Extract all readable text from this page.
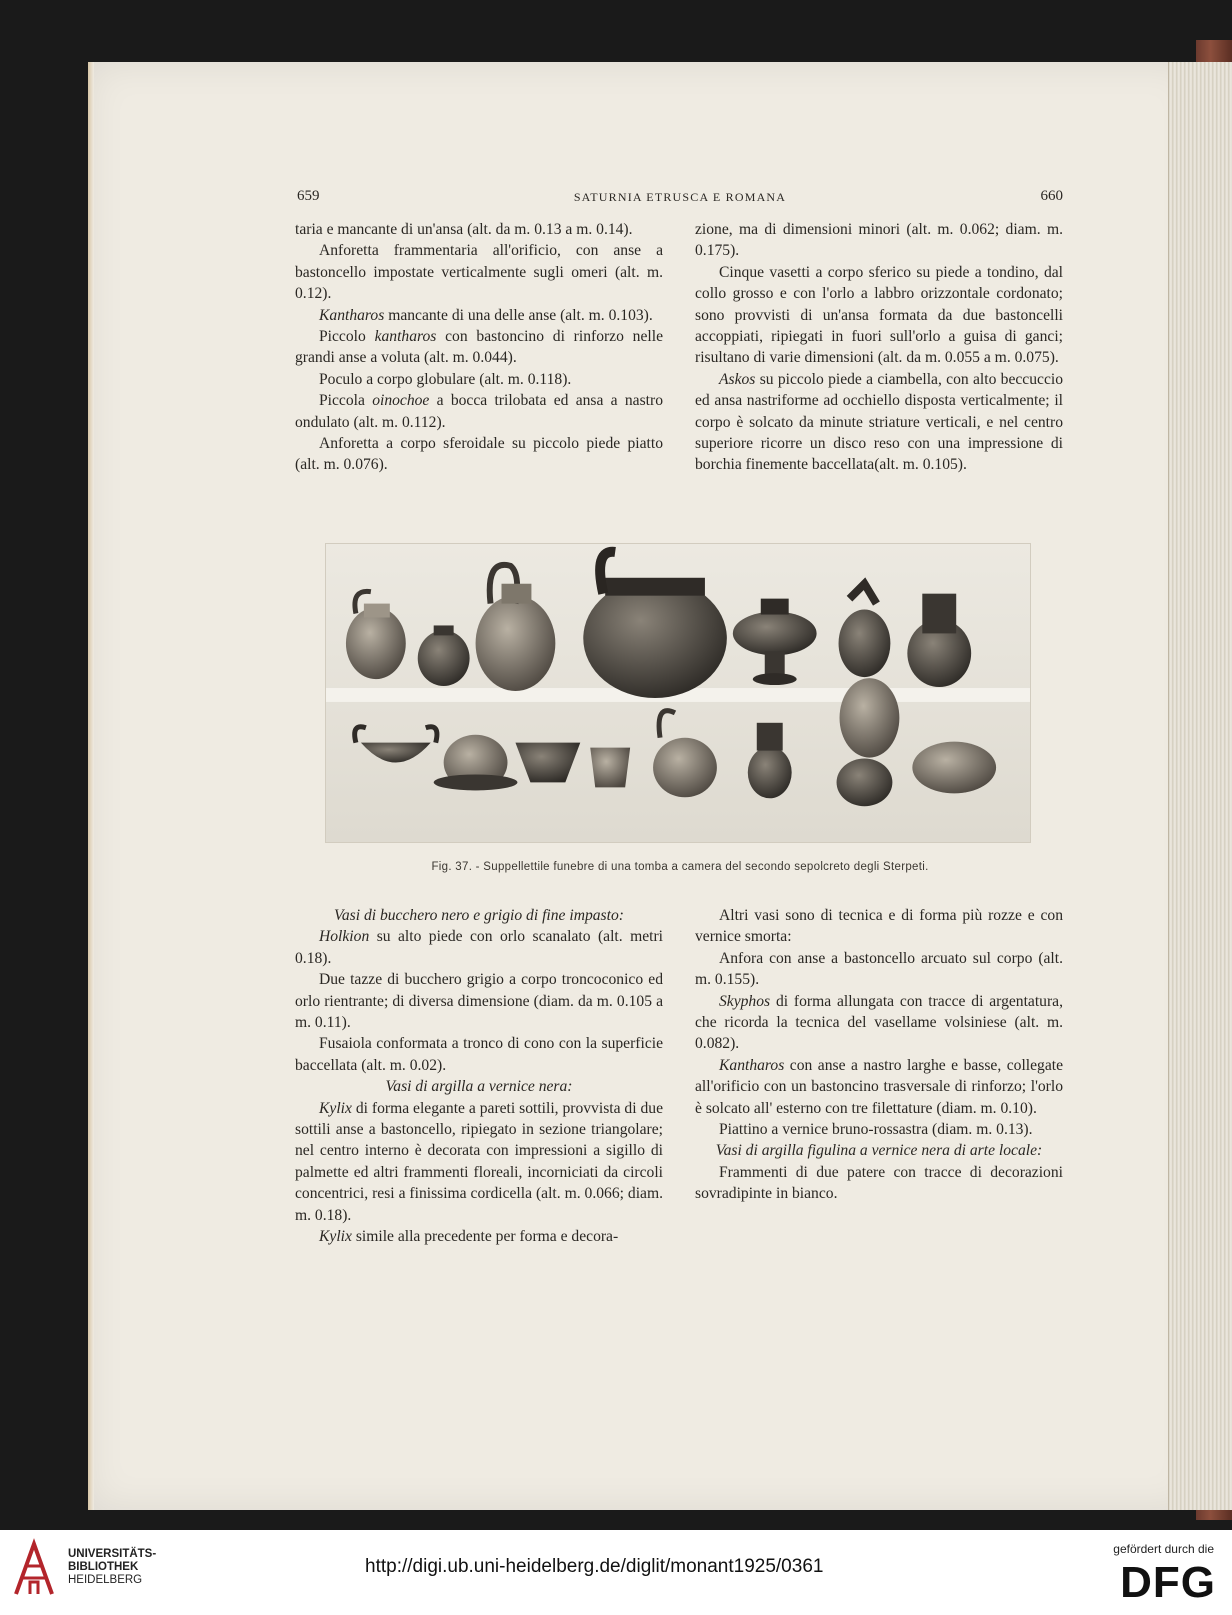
659	SATURNIA ETRUSCA E ROMANA	660

taria e mancante di un'ansa (alt. da m. 0.13 a m. 0.14).

Anforetta frammentaria all'orificio, con anse a bastoncello impostate verticalmente sugli omeri (alt. m. 0.12).

Kantharos mancante di una delle anse (alt. m. 0.103).

Piccolo kantharos con bastoncino di rinforzo nelle grandi anse a voluta (alt. m. 0.044).

Poculo a corpo globulare (alt. m. 0.118).

Piccola oinochoe a bocca trilobata ed ansa a nastro ondulato (alt. m. 0.112).

Anforetta a corpo sferoidale su piccolo piede piatto (alt. m. 0.076).

zione, ma di dimensioni minori (alt. m. 0.062; diam. m. 0.175).

Cinque vasetti a corpo sferico su piede a tondino, dal collo grosso e con l'orlo a labbro orizzontale cordonato; sono provvisti di un'ansa formata da due bastoncelli accoppiati, ripiegati in fuori sull'orlo a guisa di ganci; risultano di varie dimensioni (alt. da m. 0.055 a m. 0.075).

Askos su piccolo piede a ciambella, con alto beccuccio ed ansa nastriforme ad occhiello disposta verticalmente; il corpo è solcato da minute striature verticali, e nel centro superiore ricorre un disco reso con una impressione di borchia finemente baccellata(alt. m. 0.105).

Fig. 37. - Suppellettile funebre di una tomba a camera del secondo sepolcreto degli Sterpeti.

Vasi di bucchero nero e grigio di fine impasto:

Holkion su alto piede con orlo scanalato (alt. metri 0.18).

Due tazze di bucchero grigio a corpo troncoconico ed orlo rientrante; di diversa dimensione (diam. da m. 0.105 a m. 0.11).

Fusaiola conformata a tronco di cono con la superficie baccellata (alt. m. 0.02).

Vasi di argilla a vernice nera:

Kylix di forma elegante a pareti sottili, provvista di due sottili anse a bastoncello, ripiegato in sezione triangolare; nel centro interno è decorata con impressioni a sigillo di palmette ed altri frammenti floreali, incorniciati da circoli concentrici, resi a finissima cordicella (alt. m. 0.066; diam. m. 0.18).

Kylix simile alla precedente per forma e decora-

Altri vasi sono di tecnica e di forma più rozze e con vernice smorta:

Anfora con anse a bastoncello arcuato sul corpo (alt. m. 0.155).

Skyphos di forma allungata con tracce di argentatura, che ricorda la tecnica del vasellame volsiniese (alt. m. 0.082).

Kantharos con anse a nastro larghe e basse, collegate all'orificio con un bastoncino trasversale di rinforzo; l'orlo è solcato all' esterno con tre filettature (diam. m. 0.10).

Piattino a vernice bruno-rossastra (diam. m. 0.13).

Vasi di argilla figulina a vernice nera di arte locale:

Frammenti di due patere con tracce di decorazioni sovradipinte in bianco.

UNIVERSITÄTS-
BIBLIOTHEK
HEIDELBERG
http://digi.ub.uni-heidelberg.de/diglit/monant1925/0361
gefördert durch die
DFG
